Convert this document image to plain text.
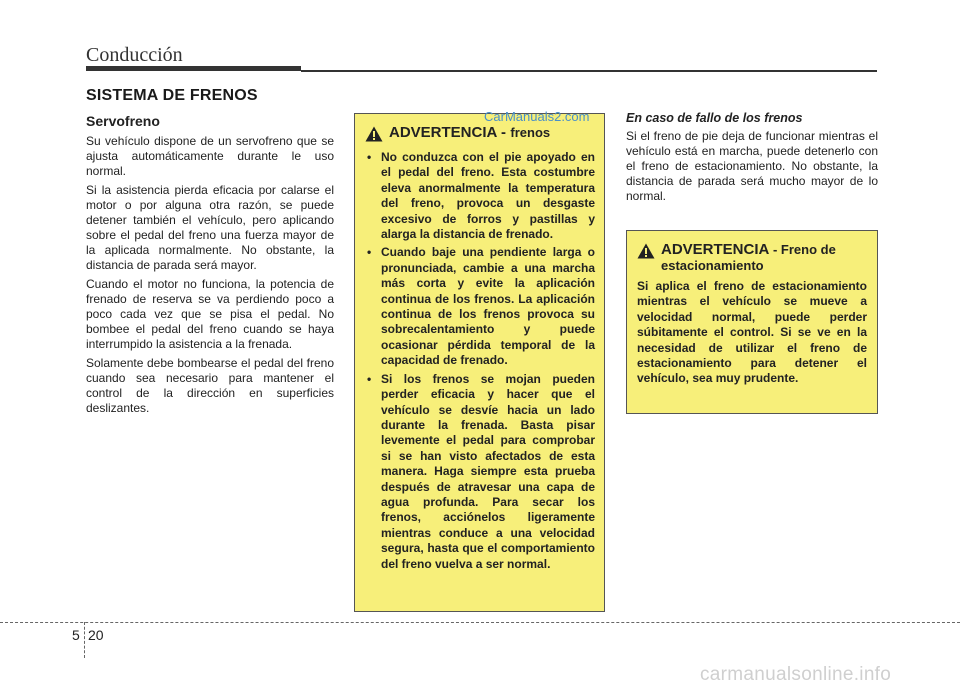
Conducción
SISTEMA DE FRENOS
Servofreno

Su vehículo dispone de un servofreno que se ajusta automáticamente durante le uso normal.

Si la asistencia pierda eficacia por calarse el motor o por alguna otra razón, se puede detener también el vehículo, pero aplicando sobre el pedal del freno una fuerza mayor de la aplicada normalmente. No obstante, la distancia de parada será mayor.

Cuando el motor no funciona, la potencia de frenado de reserva se va perdiendo poco a poco cada vez que se pisa el pedal. No bombee el pedal del freno cuando se haya interrumpido la asistencia a la frenada.

Solamente debe bombearse el pedal del freno cuando sea necesario para mantener el control de la dirección en superficies deslizantes.

ADVERTENCIA - frenos
• No conduzca con el pie apoyado en el pedal del freno. Esta costumbre eleva anormalmente la temperatura del freno, provoca un desgaste excesivo de forros y pastillas y alarga la distancia de frenado.
• Cuando baje una pendiente larga o pronunciada, cambie a una marcha más corta y evite la aplicación continua de los frenos. La aplicación continua de los frenos provoca su sobrecalentamiento y puede ocasionar pérdida temporal de la capacidad de frenado.
• Si los frenos se mojan pueden perder eficacia y hacer que el vehículo se desvíe hacia un lado durante la frenada. Basta pisar levemente el pedal para comprobar si se han visto afectados de esta manera. Haga siempre esta prueba después de atravesar una capa de agua profunda. Para secar los frenos, acciónelos ligeramente mientras conduce a una velocidad segura, hasta que el comportamiento del freno vuelva a ser normal.
CarManuals2.com	En caso de fallo de los frenos

Si el freno de pie deja de funcionar mientras el vehículo está en marcha, puede detenerlo con el freno de estacionamiento. No obstante, la distancia de parada será mucho mayor de lo normal.

ADVERTENCIA - Freno de
estacionamiento

Si aplica el freno de estacionamiento mientras el vehículo se mueve a velocidad normal, puede perder súbitamente el control. Si se ve en la necesidad de utilizar el freno de estacionamiento para detener el vehículo, sea muy prudente.

5 20
carmanualsonline.info
